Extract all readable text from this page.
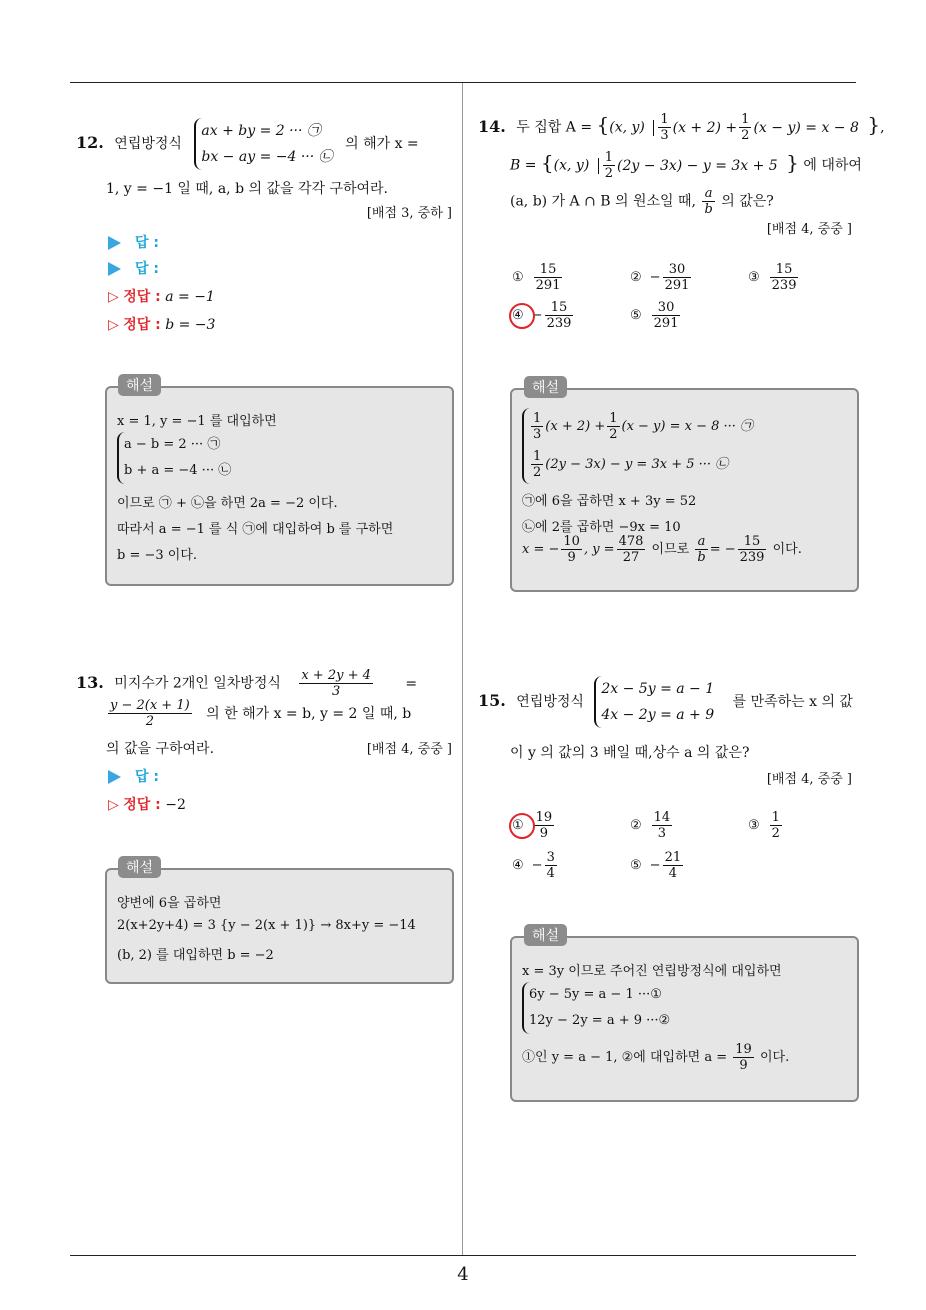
12. 연립방정식
ax + by = 2 ··· ㉠
bx − ay = −4 ··· ㉡
의 해가 x =
1, y = −1 일 때, a, b 의 값을 각각 구하여라.
[배점 3, 중하 ]
답 :
답 :
▷ 정답 : a = −1
▷ 정답 : b = −3
x = 1, y = −1 를 대입하면
a − b = 2 ··· ㉠
b + a = −4 ··· ㉡
이므로 ㉠ + ㉡을 하면 2a = −2 이다.
따라서 a = −1 를 식 ㉠에 대입하여 b 를 구하면
b = −3 이다.
해설
13. 미지수가 2개인 일차방정식 $\frac{x + 2y + 4}{3}$ =
$\frac{y - 2(x + 1)}{2}$ 의 한 해가 x = b, y = 2 일 때, b
의 값을 구하여라.	[배점 4, 중중 ]
답 :
▷ 정답 : −2
양변에 6을 곱하면
2(x+2y+4) = 3 {y − 2(x + 1)} → 8x+y = −14
(b, 2) 를 대입하면 b = −2
해설
14. 두 집합 A = {(x, $y) \frac{1}{3} (x + 2) + \frac{1}{2} (x - y) = x - 8$ },
B = {(x, $y) \frac{1}{2} (2y - 3x) - y = 3x + 5$ } 에 대하여
(a, b) 가 A ∩ B 의 원소일 때, $\frac{a}{b}$ 의 값은?
[배점 4, 중중 ]
① $\frac{15}{291}$	② − $\frac{30}{291}$	③ $\frac{15}{239}$
④ − $\frac{15}{239}$	⑤ $\frac{30}{291}$
$\frac{1}{3} (x + 2) + \frac{1}{2} (x - y) = x - 8$ ··· ㉠
$\frac{1}{2} (2y - 3x) - y = 3x + 5$ ··· ㉡
㉠에 6을 곱하면 x + 3y = 52
㉡에 2를 곱하면 −9x = 10
x = − $\frac{10}{9}$ , $y = \frac{478}{27}$ 이므로 $\frac{a}{b}$ = − $\frac{15}{239}$ 이다.
해설
15. 연립방정식
2x − 5y = a − 1
4x − 2y = a + 9
를 만족하는 x 의 값
이 y 의 값의 3 배일 때,상수 a 의 값은?
[배점 4, 중중 ]
① $\frac{19}{9}$	② $\frac{14}{3}$	③ $\frac{1}{2}$
④ − $\frac{3}{4}$	⑤ − $\frac{21}{4}$
x = 3y 이므로 주어진 연립방정식에 대입하면
6y − 5y = a − 1 ···①
12y − 2y = a + 9 ···②
①인 y = a − 1, ②에 대입하면 $a = \frac{19}{9}$ 이다.
해설
4
